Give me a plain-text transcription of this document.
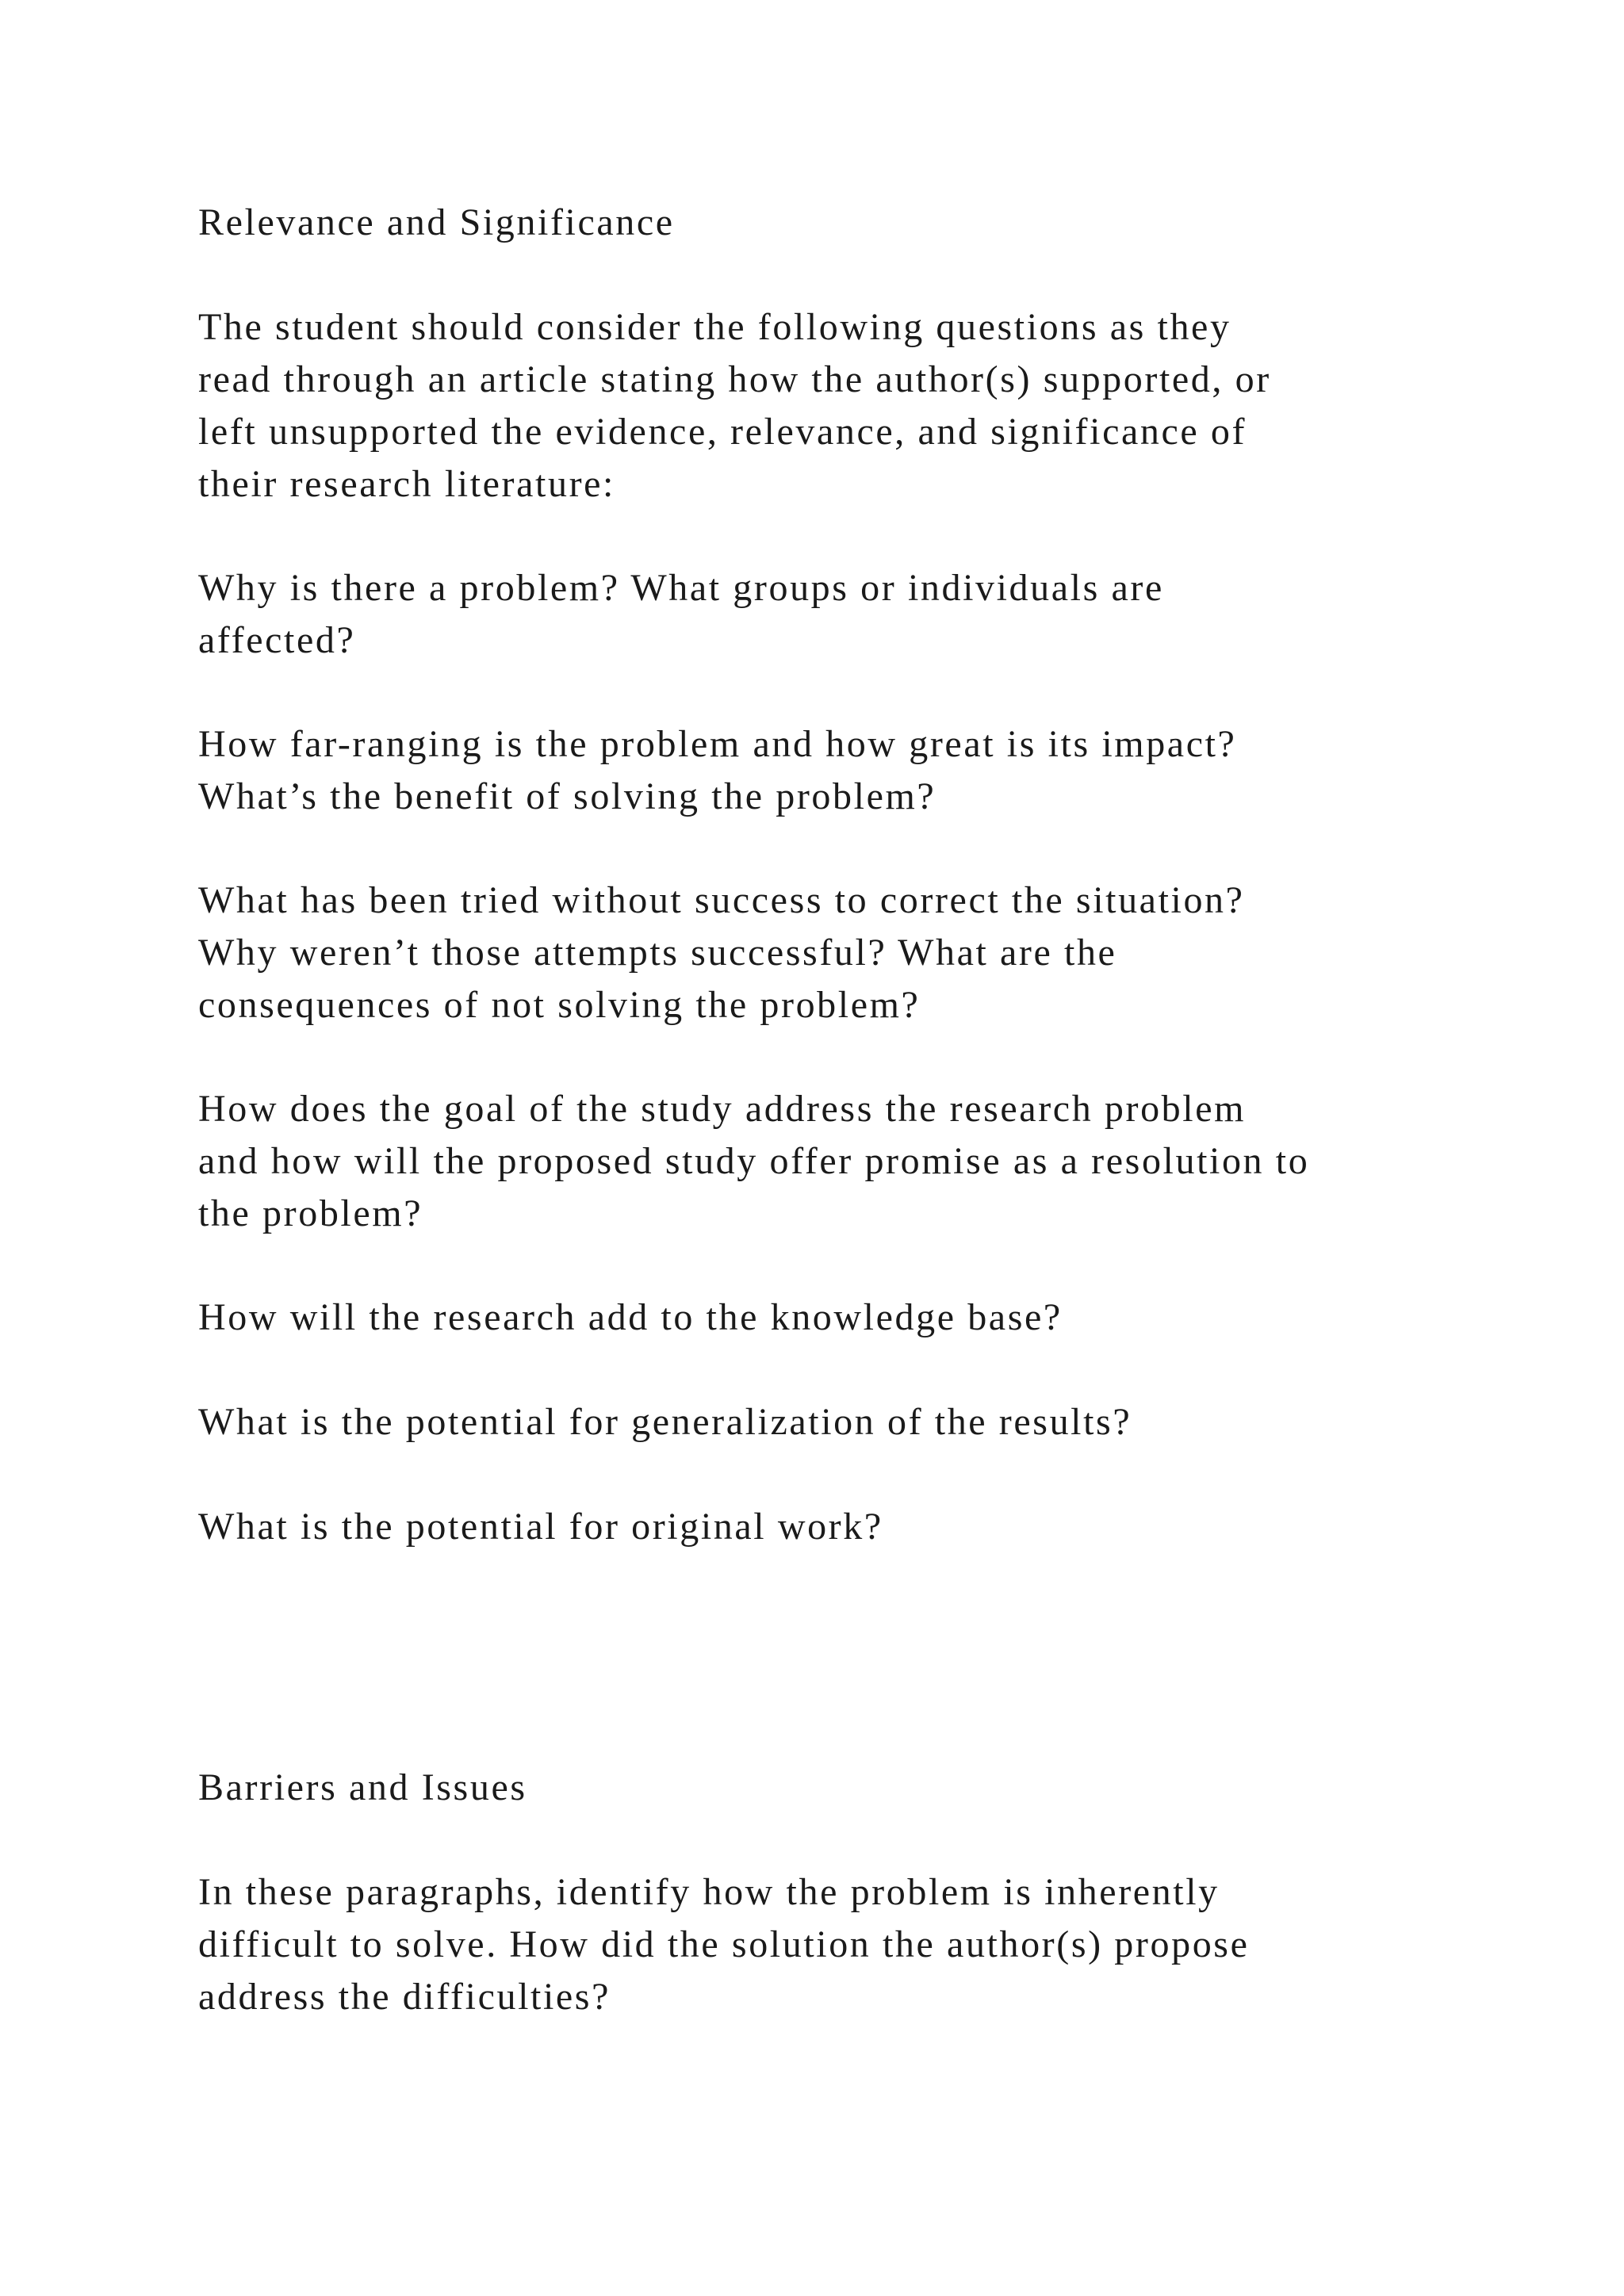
Relevance and Significance
The student should consider the following questions as they
read through an article stating how the author(s) supported, or
left unsupported the evidence, relevance, and significance of
their research literature:
Why is there a problem? What groups or individuals are
affected?
How far-ranging is the problem and how great is its impact?
What’s the benefit of solving the problem?
What has been tried without success to correct the situation?
Why weren’t those attempts successful? What are the
consequences of not solving the problem?
How does the goal of the study address the research problem
and how will the proposed study offer promise as a resolution to
the problem?
How will the research add to the knowledge base?
What is the potential for generalization of the results?
What is the potential for original work?
Barriers and Issues
In these paragraphs, identify how the problem is inherently
difficult to solve. How did the solution the author(s) propose
address the difficulties?
